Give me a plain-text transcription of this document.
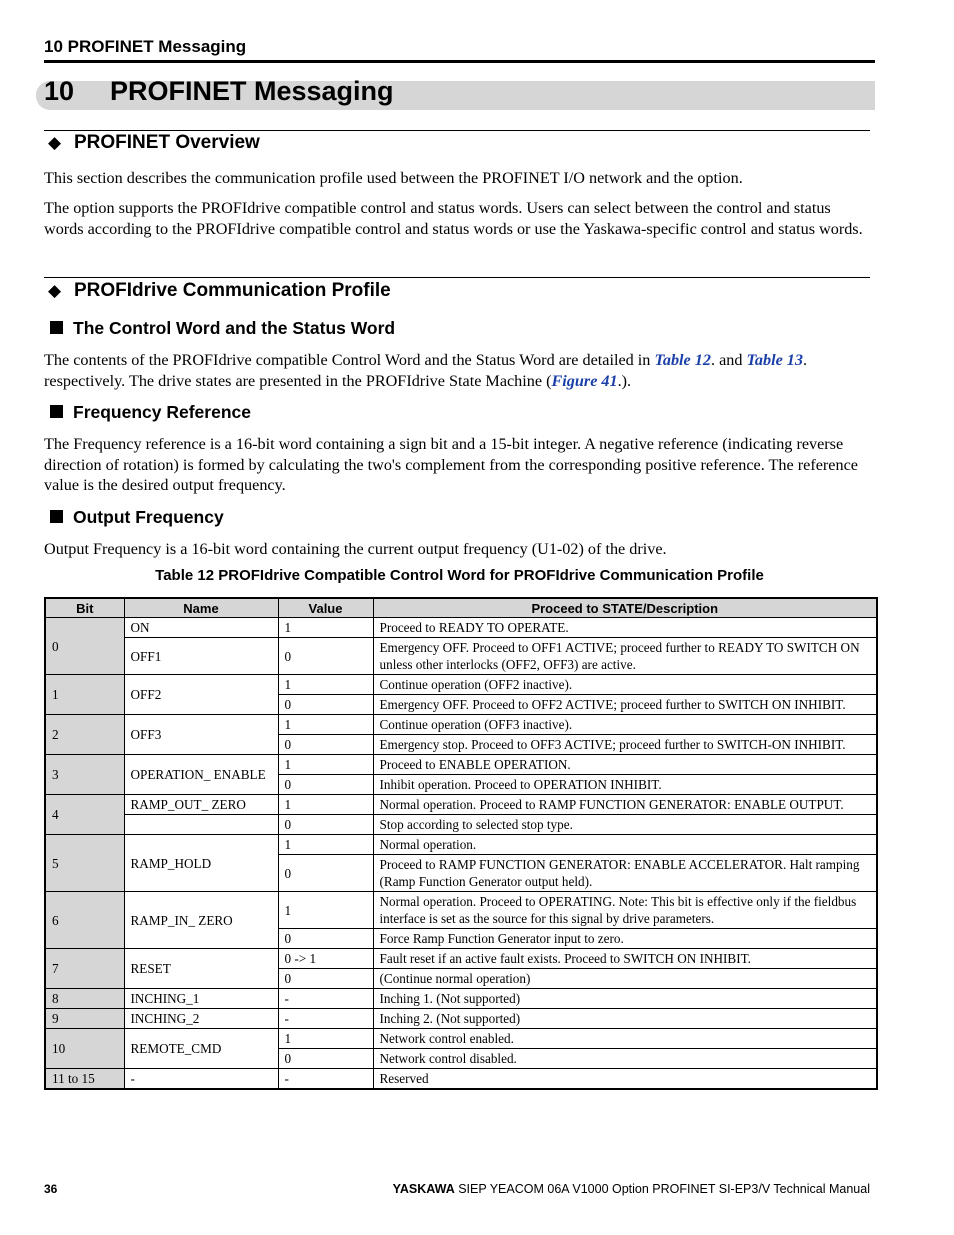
10 PROFINET Messaging
10 PROFINET Messaging
◆ PROFINET Overview
This section describes the communication profile used between the PROFINET I/O network and the option.
The option supports the PROFIdrive compatible control and status words. Users can select between the control and status words according to the PROFIdrive compatible control and status words or use the Yaskawa-specific control and status words.
◆ PROFIdrive Communication Profile
The Control Word and the Status Word
The contents of the PROFIdrive compatible Control Word and the Status Word are detailed in Table 12. and Table 13. respectively. The drive states are presented in the PROFIdrive State Machine (Figure 41.).
Frequency Reference
The Frequency reference is a 16-bit word containing a sign bit and a 15-bit integer. A negative reference (indicating reverse direction of rotation) is formed by calculating the two's complement from the corresponding positive reference. The reference value is the desired output frequency.
Output Frequency
Output Frequency is a 16-bit word containing the current output frequency (U1-02) of the drive.
Table 12 PROFIdrive Compatible Control Word for PROFIdrive Communication Profile
Bit	Name	Value	Proceed to STATE/Description
0	ON	1	Proceed to READY TO OPERATE.
	OFF1	0	Emergency OFF. Proceed to OFF1 ACTIVE; proceed further to READY TO SWITCH ON unless other interlocks (OFF2, OFF3) are active.
1	OFF2	1	Continue operation (OFF2 inactive).
		0	Emergency OFF. Proceed to OFF2 ACTIVE; proceed further to SWITCH ON INHIBIT.
2	OFF3	1	Continue operation (OFF3 inactive).
		0	Emergency stop. Proceed to OFF3 ACTIVE; proceed further to SWITCH-ON INHIBIT.
3	OPERATION_ ENABLE	1	Proceed to ENABLE OPERATION.
		0	Inhibit operation. Proceed to OPERATION INHIBIT.
4	RAMP_OUT_ ZERO	1	Normal operation. Proceed to RAMP FUNCTION GENERATOR: ENABLE OUTPUT.
		0	Stop according to selected stop type.
5	RAMP_HOLD	1	Normal operation.
		0	Proceed to RAMP FUNCTION GENERATOR: ENABLE ACCELERATOR. Halt ramping (Ramp Function Generator output held).
6	RAMP_IN_ ZERO	1	Normal operation. Proceed to OPERATING. Note: This bit is effective only if the fieldbus interface is set as the source for this signal by drive parameters.
		0	Force Ramp Function Generator input to zero.
7	RESET	0 -> 1	Fault reset if an active fault exists. Proceed to SWITCH ON INHIBIT.
		0	(Continue normal operation)
8	INCHING_1	-	Inching 1. (Not supported)
9	INCHING_2	-	Inching 2. (Not supported)
10	REMOTE_CMD	1	Network control enabled.
		0	Network control disabled.
11 to 15	-	-	Reserved
36	YASKAWA SIEP YEACOM 06A V1000 Option PROFINET SI-EP3/V Technical Manual
